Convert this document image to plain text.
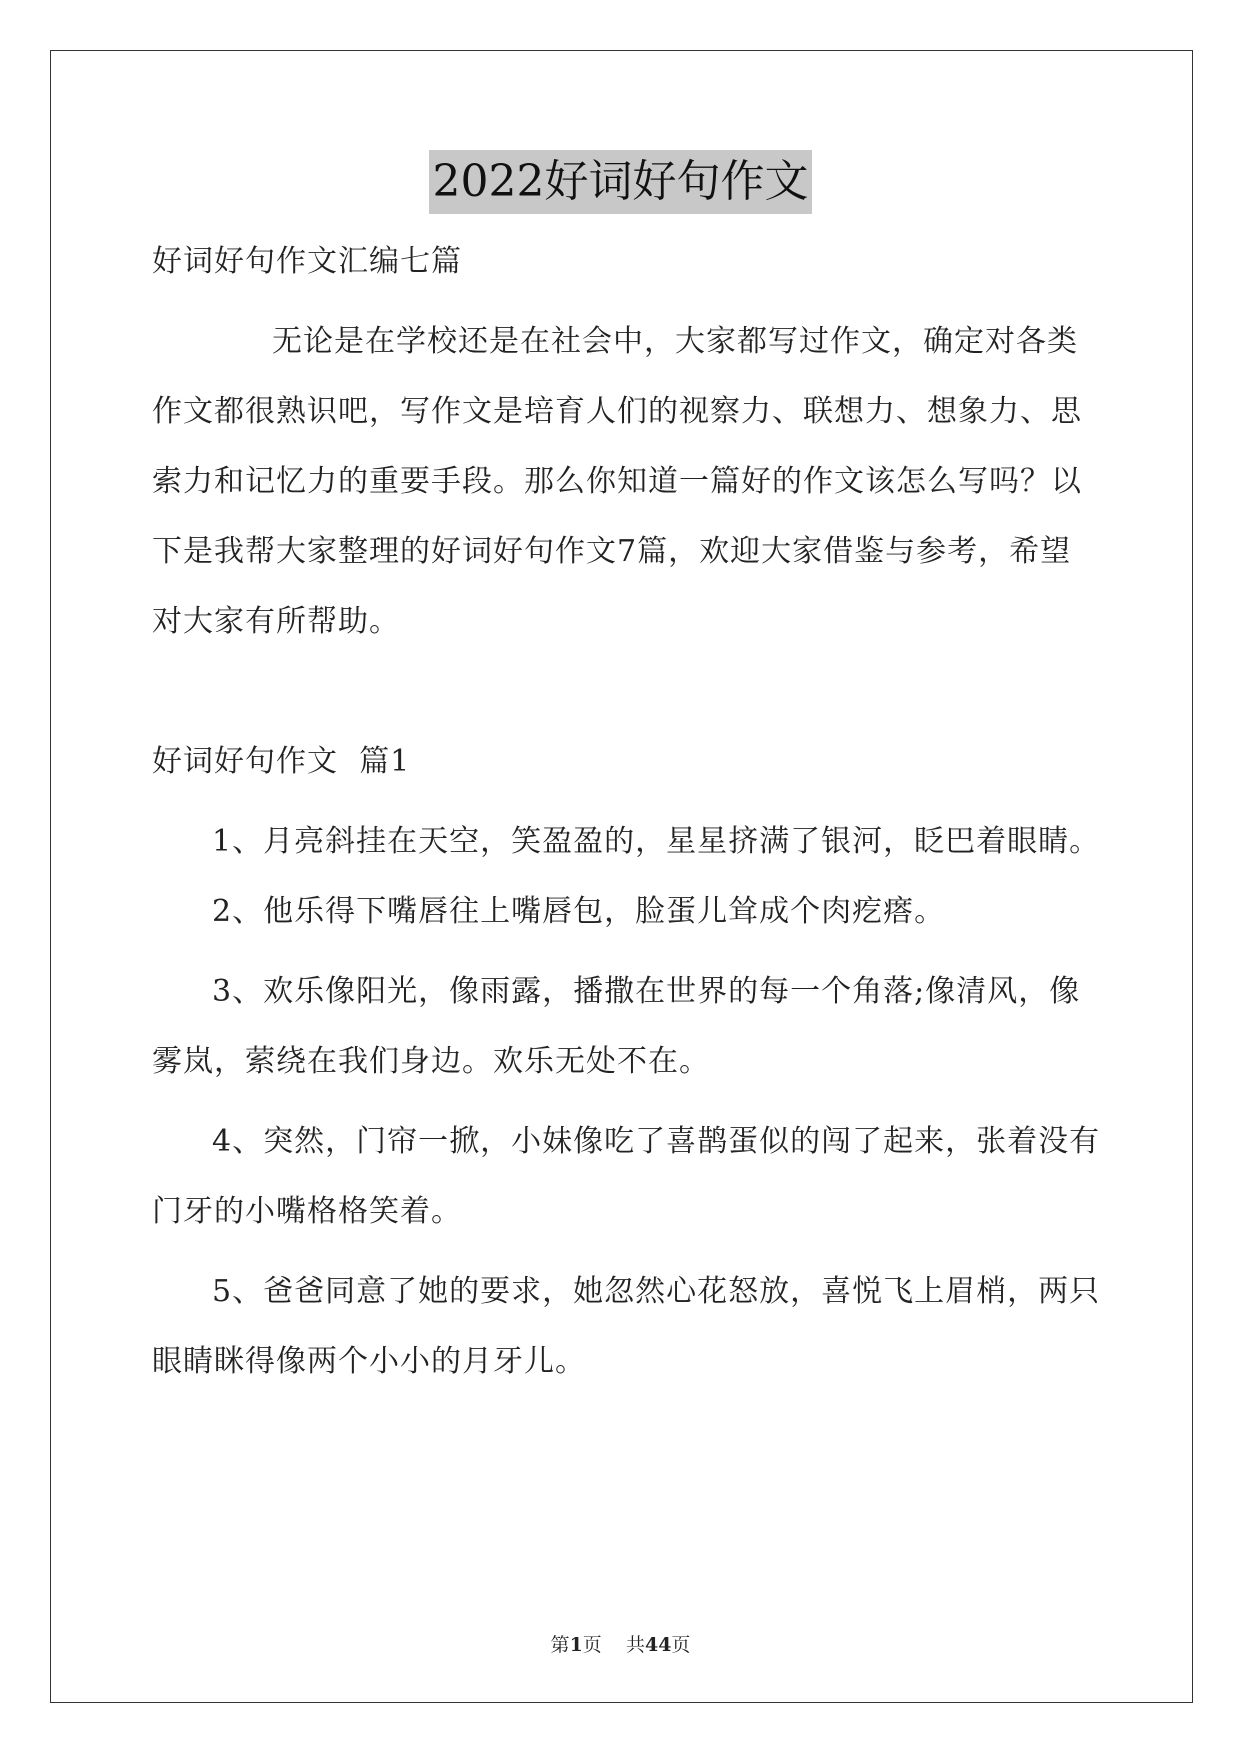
2022好词好句作文
好词好句作文汇编七篇
无论是在学校还是在社会中，大家都写过作文，确定对各类
作文都很熟识吧，写作文是培育人们的视察力、联想力、想象力、思
索力和记忆力的重要手段。那么你知道一篇好的作文该怎么写吗？以
下是我帮大家整理的好词好句作文7篇，欢迎大家借鉴与参考，希望
对大家有所帮助。
好词好句作文  篇1
1、月亮斜挂在天空，笑盈盈的，星星挤满了银河，眨巴着眼睛。
2、他乐得下嘴唇往上嘴唇包，脸蛋儿耸成个肉疙瘩。
3、欢乐像阳光，像雨露，播撒在世界的每一个角落;像清风，像
雾岚，萦绕在我们身边。欢乐无处不在。
4、突然，门帘一掀，小妹像吃了喜鹊蛋似的闯了起来，张着没有
门牙的小嘴格格笑着。
5、爸爸同意了她的要求，她忽然心花怒放，喜悦飞上眉梢，两只
眼睛眯得像两个小小的月牙儿。
第1页    共44页
